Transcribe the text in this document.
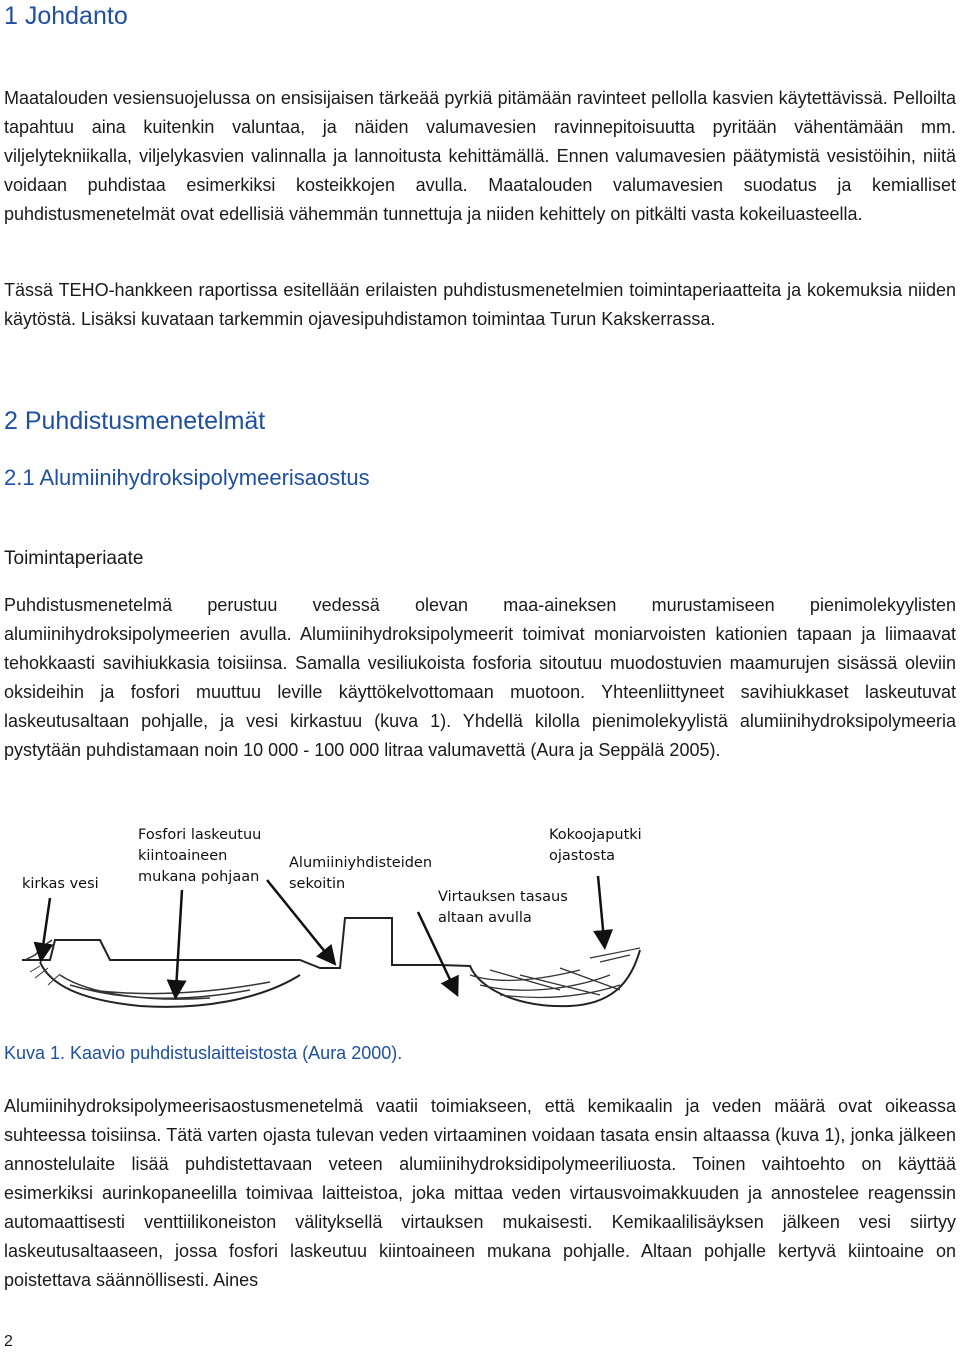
1 Johdanto

Maatalouden vesiensuojelussa on ensisijaisen tärkeää pyrkiä pitämään ravinteet pellolla kasvien käytettävissä. Pelloilta tapahtuu aina kuitenkin valuntaa, ja näiden valumavesien ravinnepitoisuutta pyritään vähentämään mm. viljelytekniikalla, viljelykasvien valinnalla ja lannoitusta kehittämällä. Ennen valumavesien päätymistä vesistöihin, niitä voidaan puhdistaa esimerkiksi kosteikkojen avulla. Maatalouden valumavesien suodatus ja kemialliset puhdistusmenetelmät ovat edellisiä vähemmän tunnettuja ja niiden kehittely on pitkälti vasta kokeiluasteella.

Tässä TEHO-hankkeen raportissa esitellään erilaisten puhdistusmenetelmien toimintaperiaatteita ja kokemuksia niiden käytöstä. Lisäksi kuvataan tarkemmin ojavesipuhdistamon toimintaa Turun Kakskerrassa.

2 Puhdistusmenetelmät
2.1 Alumiinihydroksipolymeerisaostus
Toimintaperiaate

Puhdistusmenetelmä perustuu vedessä olevan maa-aineksen murustamiseen pienimolekyylisten alumiinihydroksipolymeerien avulla. Alumiinihydroksipolymeerit toimivat moniarvoisten kationien tapaan ja liimaavat tehokkaasti savihiukkasia toisiinsa. Samalla vesiliukoista fosforia sitoutuu muodostuvien maamurujen sisässä oleviin oksideihin ja fosfori muuttuu leville käyttökelvottomaan muotoon. Yhteenliittyneet savihiukkaset laskeutuvat laskeutusaltaan pohjalle, ja vesi kirkastuu (kuva 1). Yhdellä kilolla pienimolekyylistä alumiinihydroksipolymeeria pystytään puhdistamaan noin 10 000 - 100 000 litraa valumavettä (Aura ja Seppälä 2005).

kirkas vesi
Fosfori laskeutuu kiintoaineen mukana pohjaan
Alumiiniyhdisteiden sekoitin
Virtauksen tasaus altaan avulla
Kokoojaputki ojastosta

Kuva 1. Kaavio puhdistuslaitteistosta (Aura 2000).

Alumiinihydroksipolymeerisaostusmenetelmä vaatii toimiakseen, että kemikaalin ja veden määrä ovat oikeassa suhteessa toisiinsa. Tätä varten ojasta tulevan veden virtaaminen voidaan tasata ensin altaassa (kuva 1), jonka jälkeen annostelulaite lisää puhdistettavaan veteen alumiinihydroksidipolymeeriliuosta. Toinen vaihtoehto on käyttää esimerkiksi aurinkopaneelilla toimivaa laitteistoa, joka mittaa veden virtausvoimakkuuden ja annostelee reagenssin automaattisesti venttiilikoneiston välityksellä virtauksen mukaisesti. Kemikaalilisäyksen jälkeen vesi siirtyy laskeutusaltaaseen, jossa fosfori laskeutuu kiintoaineen mukana pohjalle. Altaan pohjalle kertyvä kiintoaine on poistettava säännöllisesti. Aines

2
